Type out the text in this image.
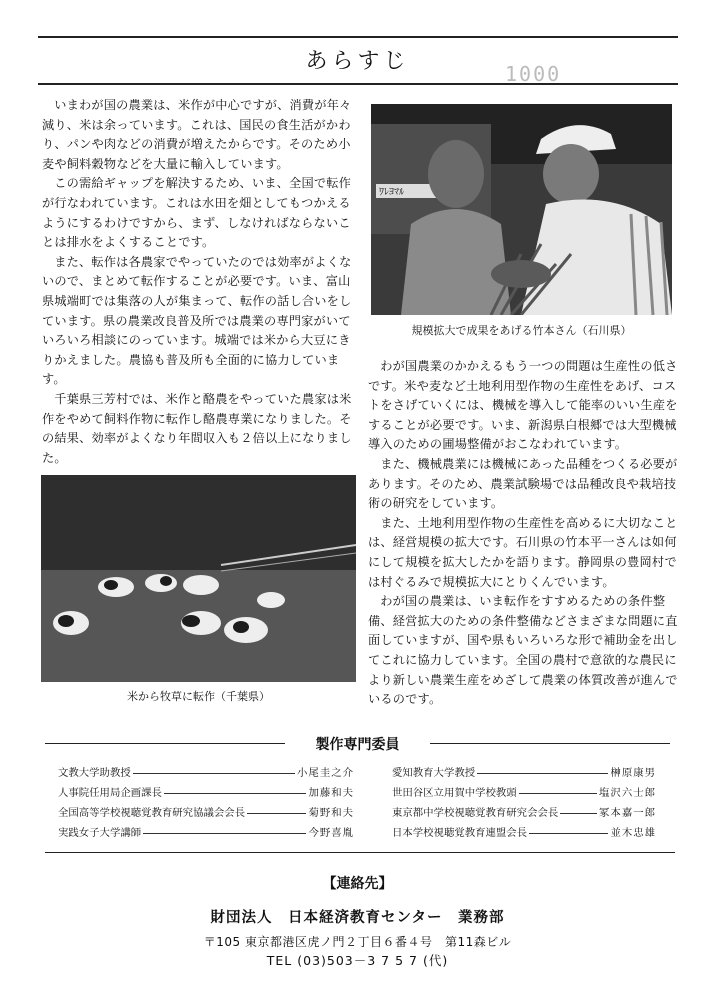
あらすじ	1000

いまわが国の農業は、米作が中心ですが、消費が年々減り、米は余っています。これは、国民の食生活がかわり、パンや肉などの消費が増えたからです。そのため小麦や飼料穀物などを大量に輸入しています。

この需給ギャップを解決するため、いま、全国で転作が行なわれています。これは水田を畑としてもつかえるようにするわけですから、まず、しなければならないことは排水をよくすることです。

また、転作は各農家でやっていたのでは効率がよくないので、まとめて転作することが必要です。いま、富山県城端町では集落の人が集まって、転作の話し合いをしています。県の農業改良普及所では農業の専門家がいていろいろ相談にのっています。城端では米から大豆にきりかえました。農協も普及所も全面的に協力しています。

千葉県三芳村では、米作と酪農をやっていた農家は米作をやめて飼料作物に転作し酪農専業になりました。その結果、効率がよくなり年間収入も２倍以上になりました。

ﾜﾚﾖﾏﾙ
規模拡大で成果をあげる竹本さん（石川県）

わが国農業のかかえるもう一つの問題は生産性の低さです。米や麦など土地利用型作物の生産性をあげ、コストをさげていくには、機械を導入して能率のいい生産をすることが必要です。いま、新潟県白根郷では大型機械導入のための圃場整備がおこなわれています。

また、機械農業には機械にあった品種をつくる必要があります。そのため、農業試験場では品種改良や栽培技術の研究をしています。

また、土地利用型作物の生産性を高めるに大切なことは、経営規模の拡大です。石川県の竹本平一さんは如何にして規模を拡大したかを語ります。静岡県の豊岡村では村ぐるみで規模拡大にとりくんでいます。

わが国の農業は、いま転作をすすめるための条件整備、経営拡大のための条件整備などさまざまな問題に直面していますが、国や県もいろいろな形で補助金を出してこれに協力しています。全国の農村で意欲的な農民により新しい農業生産をめざして農業の体質改善が進んでいるのです。

米から牧草に転作（千葉県）
製作専門委員
文教大学助教授	小尾圭之介
人事院任用局企画課長	加藤和夫
全国高等学校視聴覚教育研究協議会会長	菊野和夫
実践女子大学講師	今野喜胤
愛知教育大学教授	榊原康男
世田谷区立用賀中学校教頭	塩沢六士郎
東京都中学校視聴覚教育研究会会長	冢本嘉一郎
日本学校視聴覚教育連盟会長	並木忠雄
【連絡先】
財団法人　日本経済教育センター　業務部
〒105 東京都港区虎ノ門２丁目６番４号　第11森ビル
TEL (03)503－3 7 5 7 (代)
